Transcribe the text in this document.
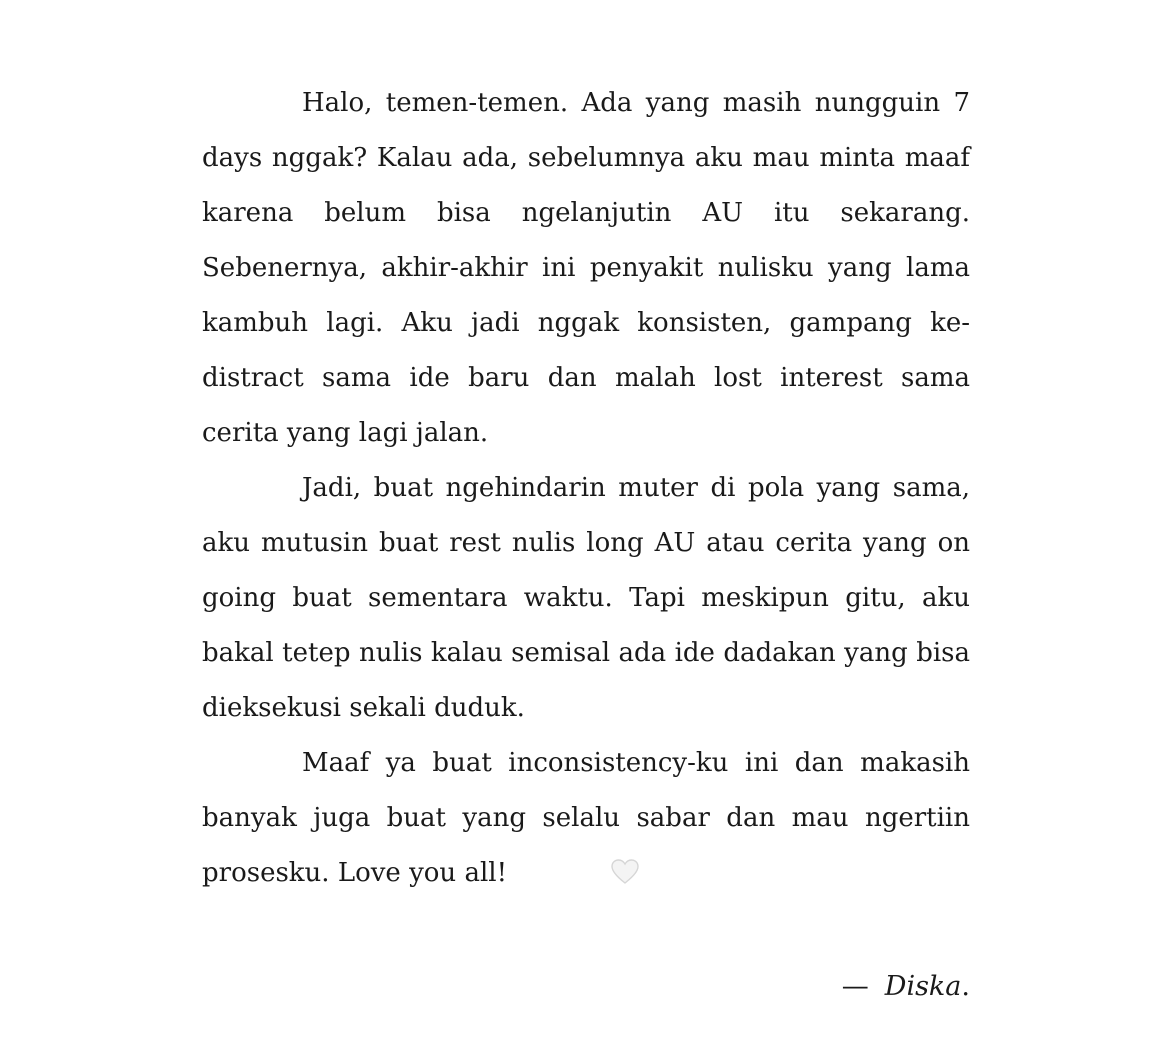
Halo, temen-temen. Ada yang masih nungguin 7 days nggak? Kalau ada, sebelumnya aku mau minta maaf karena belum bisa ngelanjutin AU itu sekarang. Sebenernya, akhir-akhir ini penyakit nulisku yang lama kambuh lagi. Aku jadi nggak konsisten, gampang ke-distract sama ide baru dan malah lost interest sama cerita yang lagi jalan.

Jadi, buat ngehindarin muter di pola yang sama, aku mutusin buat rest nulis long AU atau cerita yang on going buat sementara waktu. Tapi meskipun gitu, aku bakal tetep nulis kalau semisal ada ide dadakan yang bisa dieksekusi sekali duduk.

Maaf ya buat inconsistency-ku ini dan makasih banyak juga buat yang selalu sabar dan mau ngertiin prosesku. Love you all!

— Diska.
